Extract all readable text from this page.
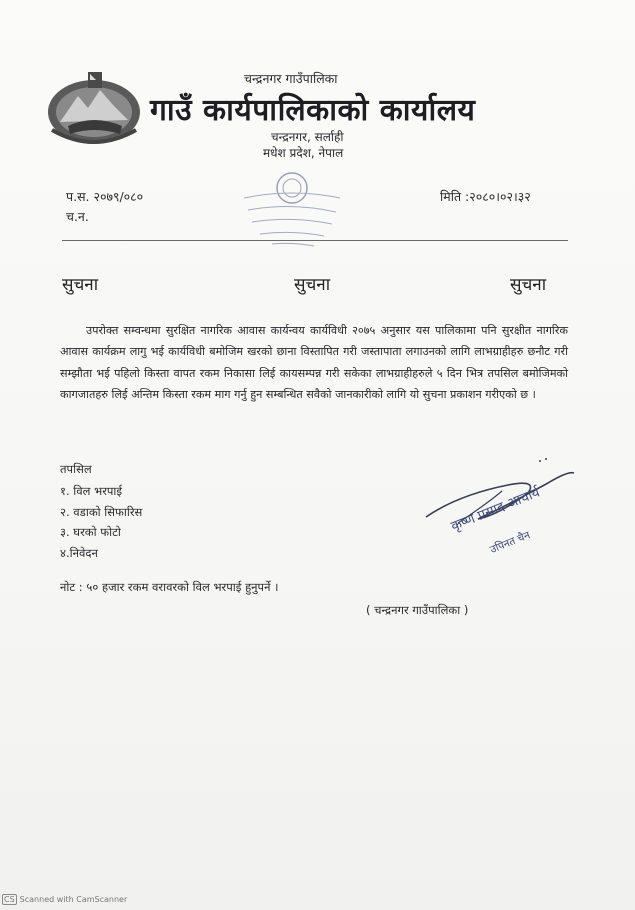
चन्द्रनगर गाउँपालिका
गाउँ कार्यपालिकाको कार्यालय
चन्द्रनगर, सर्लाही
मधेश प्रदेश, नेपाल
प.स. २०७९/०८०
च.न.
मिति :२०८०।०२।३२
सुचना	सुचना	सुचना
उपरोक्त सम्वन्धमा सुरक्षित नागरिक आवास कार्यन्वय कार्यविधी २०७५ अनुसार यस पालिकामा पनि सुरक्षीत नागरिक आवास कार्यक्रम लागु भई कार्यविधी बमोजिम खरको छाना विस्तापित गरी जस्तापाता लगाउनको लागि लाभग्राहीहरु छनौट गरी सम्झौता भई पहिलो किस्ता वापत रकम निकासा लिई कायसम्पन्न गरी सकेका लाभग्राहीहरुले ५ दिन भित्र तपसिल बमोजिमको कागजातहरु लिई अन्तिम किस्ता रकम माग गर्नु हुन सम्बन्धित सवैको जानकारीको लागि यो सुचना प्रकाशन गरीएको छ ।
तपसिल
१. विल भरपाई
२. वडाको सिफारिस
३. घरको फोटो
४.निवेदन
नोट : ५० हजार रकम वरावरको विल भरपाई हुनुपर्ने ।
कृष्ण प्रसाद आचार्य
उपिनत चैन
( चन्द्रनगर गाउँपालिका )
CS Scanned with CamScanner
